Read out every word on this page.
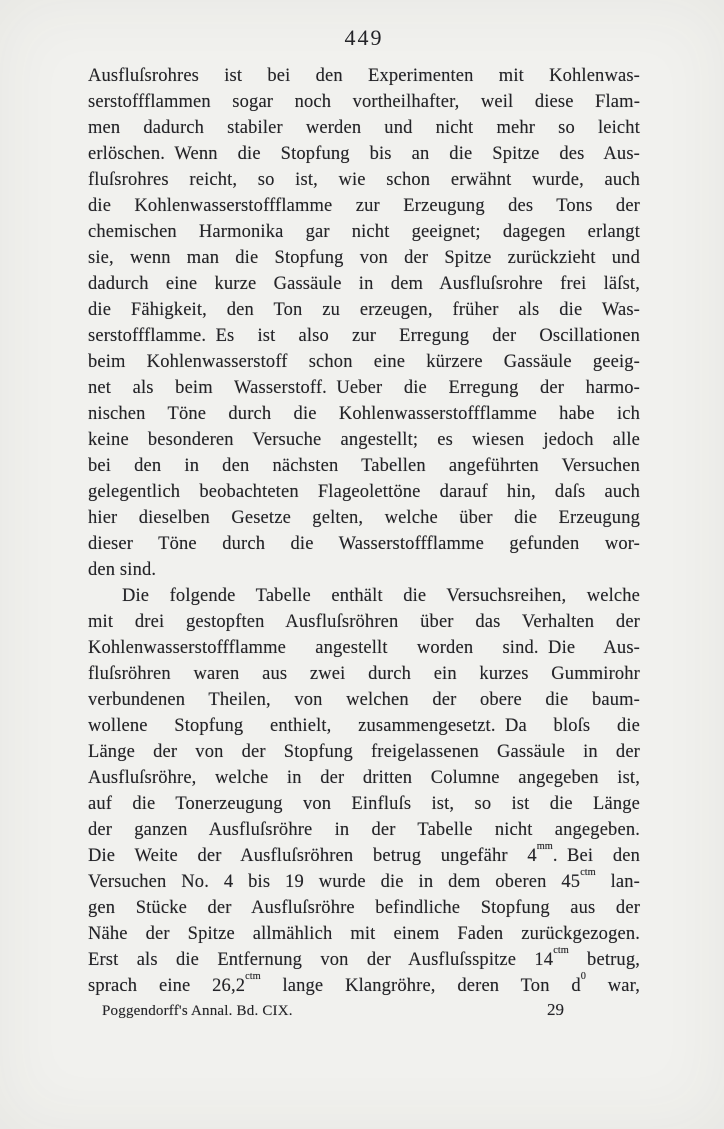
449
Ausfluſsrohres ist bei den Experimenten mit Kohlenwas-
serstoffflammen sogar noch vortheilhafter, weil diese Flam-
men dadurch stabiler werden und nicht mehr so leicht
erlöschen. Wenn die Stopfung bis an die Spitze des Aus-
fluſsrohres reicht, so ist, wie schon erwähnt wurde, auch
die Kohlenwasserstoffflamme zur Erzeugung des Tons der
chemischen Harmonika gar nicht geeignet; dagegen erlangt
sie, wenn man die Stopfung von der Spitze zurückzieht und
dadurch eine kurze Gassäule in dem Ausfluſsrohre frei läſst,
die Fähigkeit, den Ton zu erzeugen, früher als die Was-
serstoffflamme. Es ist also zur Erregung der Oscillationen
beim Kohlenwasserstoff schon eine kürzere Gassäule geeig-
net als beim Wasserstoff. Ueber die Erregung der harmo-
nischen Töne durch die Kohlenwasserstoffflamme habe ich
keine besonderen Versuche angestellt; es wiesen jedoch alle
bei den in den nächsten Tabellen angeführten Versuchen
gelegentlich beobachteten Flageolettöne darauf hin, daſs auch
hier dieselben Gesetze gelten, welche über die Erzeugung
dieser Töne durch die Wasserstoffflamme gefunden wor-
den sind.
Die folgende Tabelle enthält die Versuchsreihen, welche
mit drei gestopften Ausfluſsröhren über das Verhalten der
Kohlenwasserstoffflamme angestellt worden sind. Die Aus-
fluſsröhren waren aus zwei durch ein kurzes Gummirohr
verbundenen Theilen, von welchen der obere die baum-
wollene Stopfung enthielt, zusammengesetzt. Da bloſs die
Länge der von der Stopfung freigelassenen Gassäule in der
Ausfluſsröhre, welche in der dritten Columne angegeben ist,
auf die Tonerzeugung von Einfluſs ist, so ist die Länge
der ganzen Ausfluſsröhre in der Tabelle nicht angegeben.
Die Weite der Ausfluſsröhren betrug ungefähr $4^{mm}$. Bei den
Versuchen No. 4 bis 19 wurde die in dem oberen $45^{ctm}$ lan-
gen Stücke der Ausfluſsröhre befindliche Stopfung aus der
Nähe der Spitze allmählich mit einem Faden zurückgezogen.
Erst als die Entfernung von der Ausfluſsspitze $14^{ctm}$ betrug,
sprach eine $26,2^{ctm}$ lange Klangröhre, deren Ton $d^0$ war,
Poggendorff's Annal. Bd. CIX.	29
